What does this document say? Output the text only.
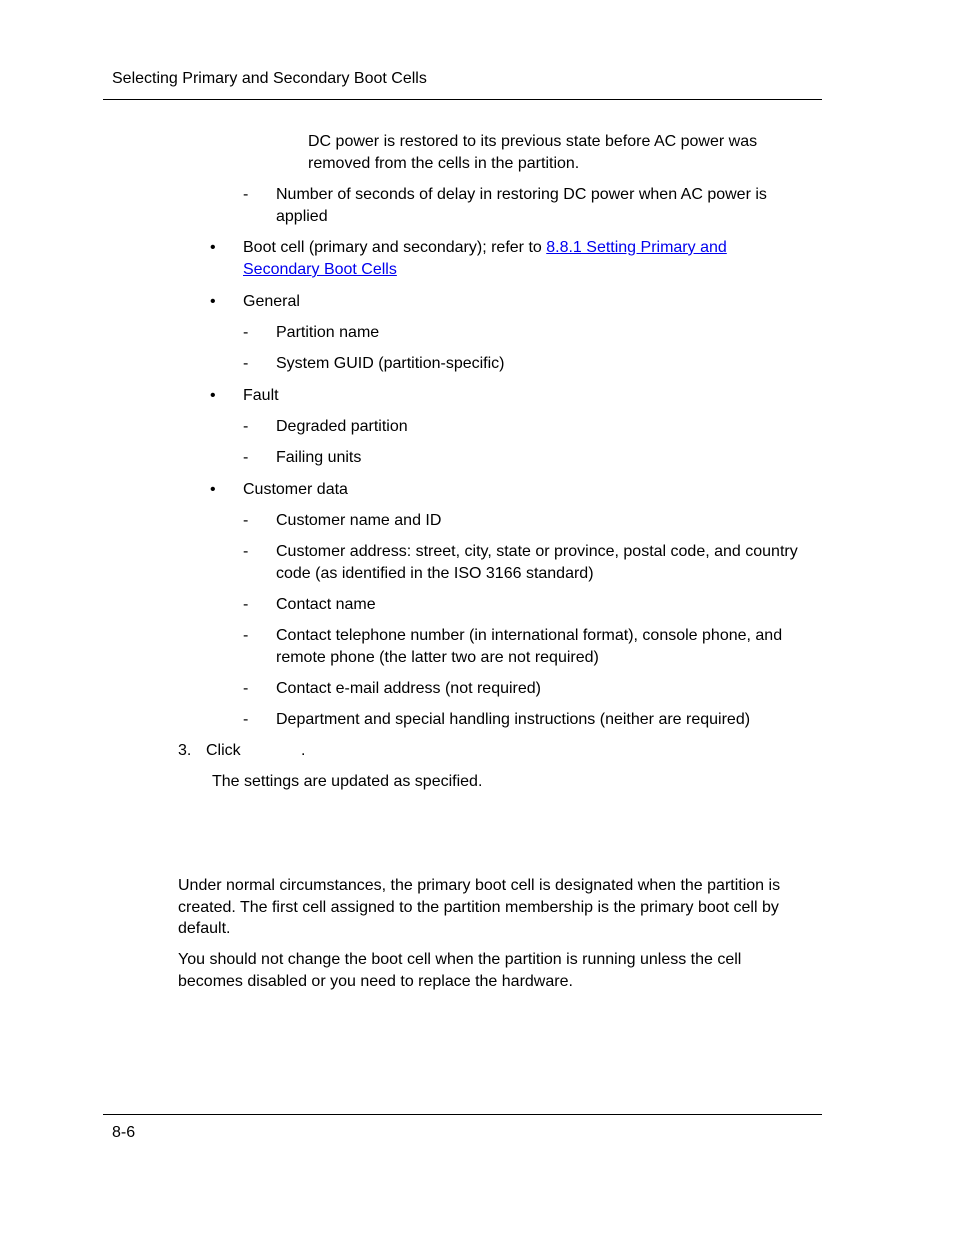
Selecting Primary and Secondary Boot Cells
DC power is restored to its previous state before AC power was
removed from the cells in the partition.
- Number of seconds of delay in restoring DC power when AC power is
applied
• Boot cell (primary and secondary); refer to 8.8.1 Setting Primary and
Secondary Boot Cells
• General
- Partition name
- System GUID (partition-specific)
• Fault
- Degraded partition
- Failing units
• Customer data
- Customer name and ID
- Customer address: street, city, state or province, postal code, and country
code (as identified in the ISO 3166 standard)
- Contact name
- Contact telephone number (in international format), console phone, and
remote phone (the latter two are not required)
- Contact e-mail address (not required)
- Department and special handling instructions (neither are required)
3. Click	.
The settings are updated as specified.
Under normal circumstances, the primary boot cell is designated when the partition is
created. The first cell assigned to the partition membership is the primary boot cell by
default.
You should not change the boot cell when the partition is running unless the cell
becomes disabled or you need to replace the hardware.
8-6
